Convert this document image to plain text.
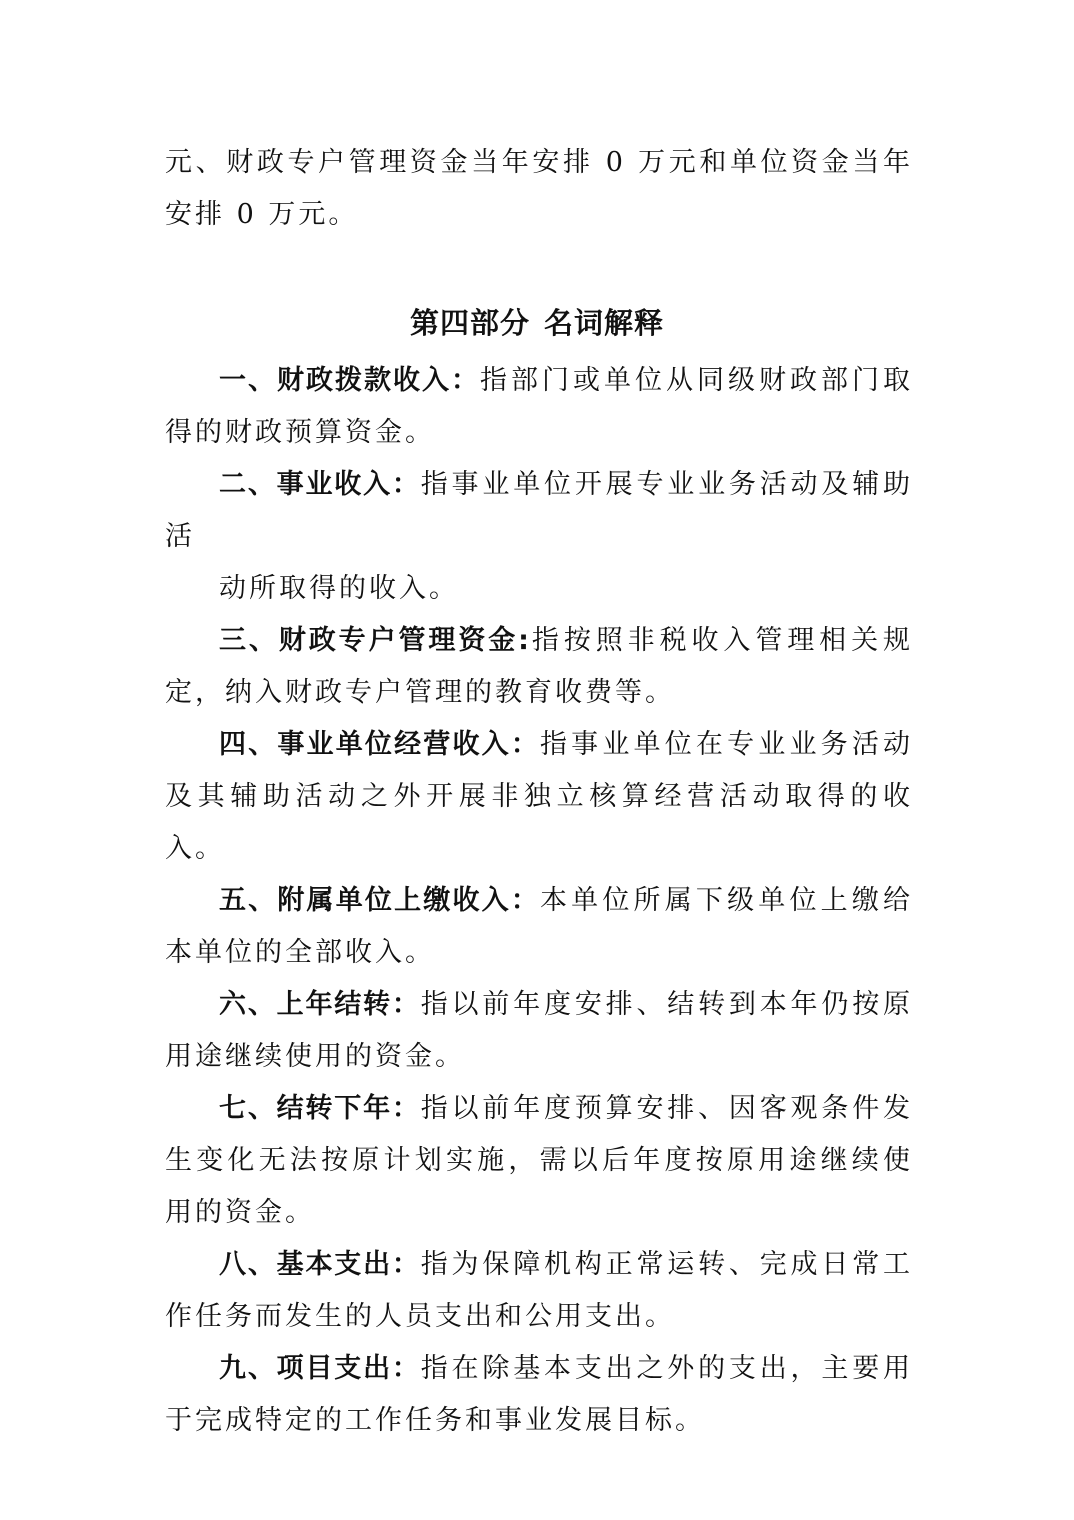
元、财政专户管理资金当年安排 0 万元和单位资金当年安排 0 万元。

第四部分 名词解释

一、财政拨款收入：指部门或单位从同级财政部门取得的财政预算资金。

二、事业收入：指事业单位开展专业业务活动及辅助活

动所取得的收入。

三、财政专户管理资金:指按照非税收入管理相关规定，纳入财政专户管理的教育收费等。

四、事业单位经营收入：指事业单位在专业业务活动及其辅助活动之外开展非独立核算经营活动取得的收入。

五、附属单位上缴收入：本单位所属下级单位上缴给本单位的全部收入。

六、上年结转：指以前年度安排、结转到本年仍按原用途继续使用的资金。

七、结转下年：指以前年度预算安排、因客观条件发生变化无法按原计划实施，需以后年度按原用途继续使用的资金。

八、基本支出：指为保障机构正常运转、完成日常工作任务而发生的人员支出和公用支出。

九、项目支出：指在除基本支出之外的支出，主要用于完成特定的工作任务和事业发展目标。
